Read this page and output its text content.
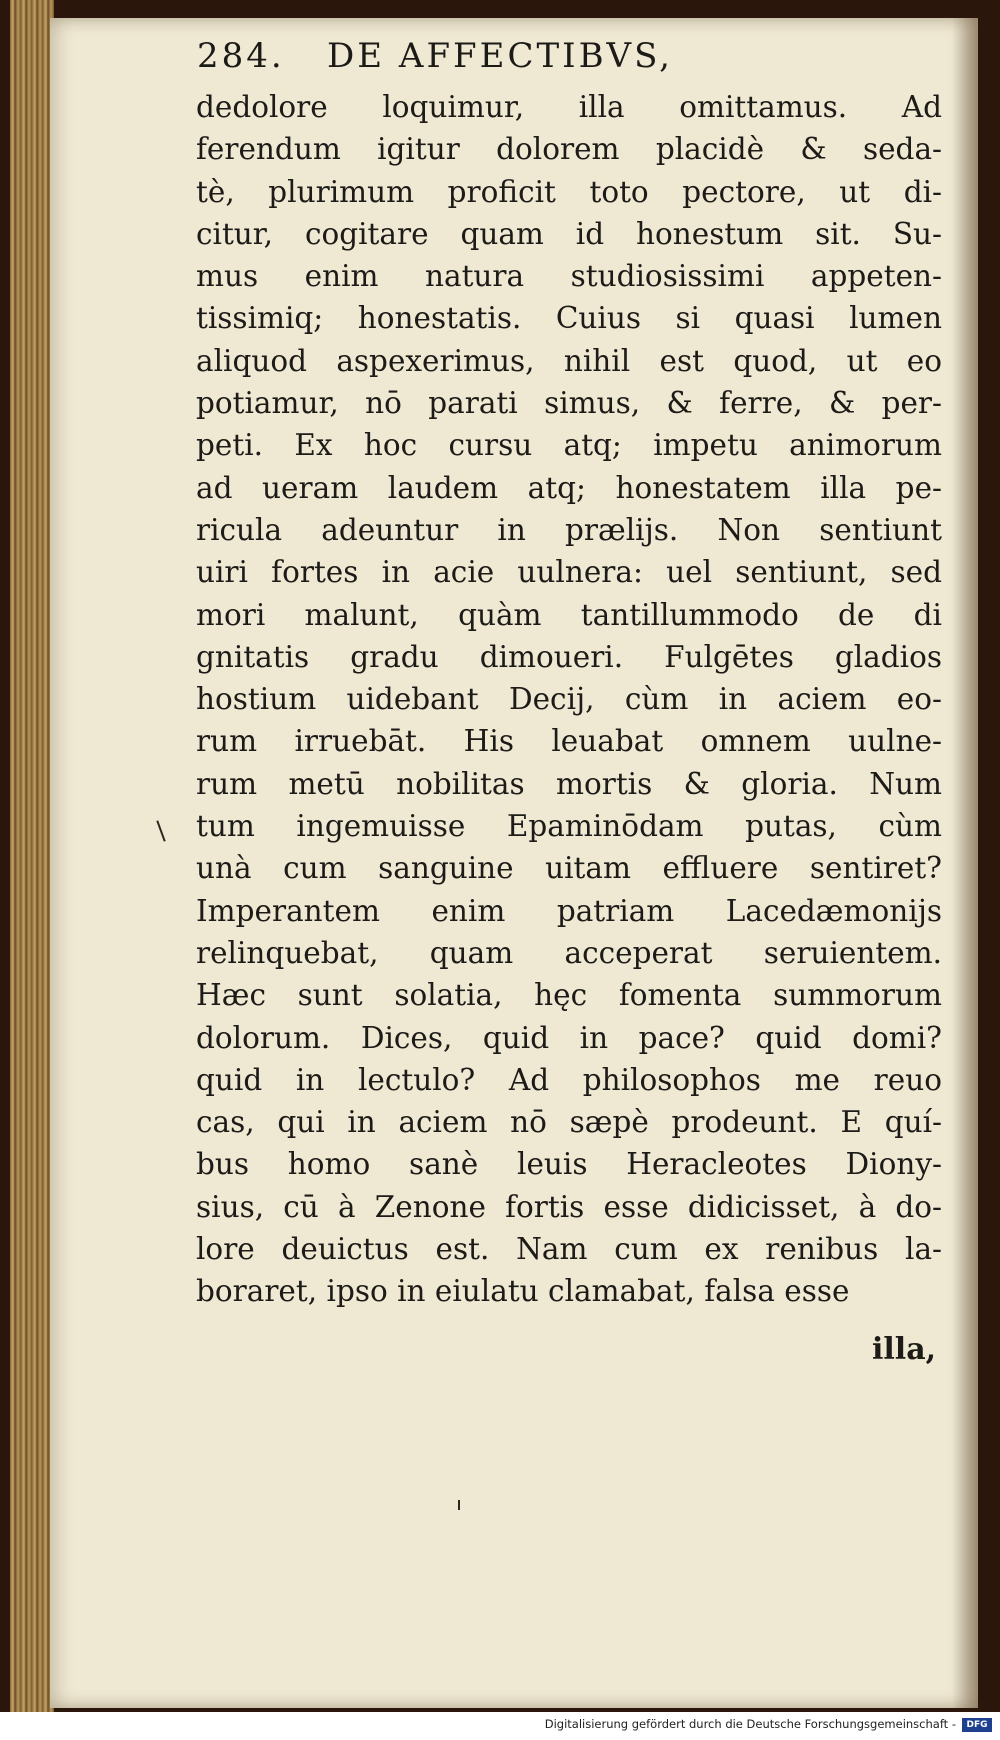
284. DE AFFECTIBVS,
dedolore loquimur, illa omittamus. Ad
ferendum igitur dolorem placidè & seda-
tè, plurimum proficit toto pectore, ut di-
citur, cogitare quam id honestum sit. Su-
mus enim natura studiosissimi appeten-
tissimiq; honestatis. Cuius si quasi lumen
aliquod aspexerimus, nihil est quod, ut eo
potiamur, nō parati simus, & ferre, & per-
peti. Ex hoc cursu atq; impetu animorum
ad ueram laudem atq; honestatem illa pe-
ricula adeuntur in prælijs. Non sentiunt
uiri fortes in acie uulnera: uel sentiunt, sed
mori malunt, quàm tantillummodo de di
gnitatis gradu dimoueri. Fulgētes gladios
hostium uidebant Decij, cùm in aciem eo-
rum irruebāt. His leuabat omnem uulne-
rum metū nobilitas mortis & gloria. Num
tum ingemuisse Epaminōdam putas, cùm
unà cum sanguine uitam effluere sentiret?
Imperantem enim patriam Lacedæmonijs
relinquebat, quam acceperat seruientem.
Hæc sunt solatia, hęc fomenta summorum
dolorum. Dices, quid in pace? quid domi?
quid in lectulo? Ad philosophos me reuo
cas, qui in aciem nō sæpè prodeunt. E quí-
bus homo sanè leuis Heracleotes Diony-
sius, cū à Zenone fortis esse didicisset, à do-
lore deuictus est. Nam cum ex renibus la-
boraret, ipso in eiulatu clamabat, falsa esse
illa,
Digitalisierung gefördert durch die Deutsche Forschungsgemeinschaft -	DFG
